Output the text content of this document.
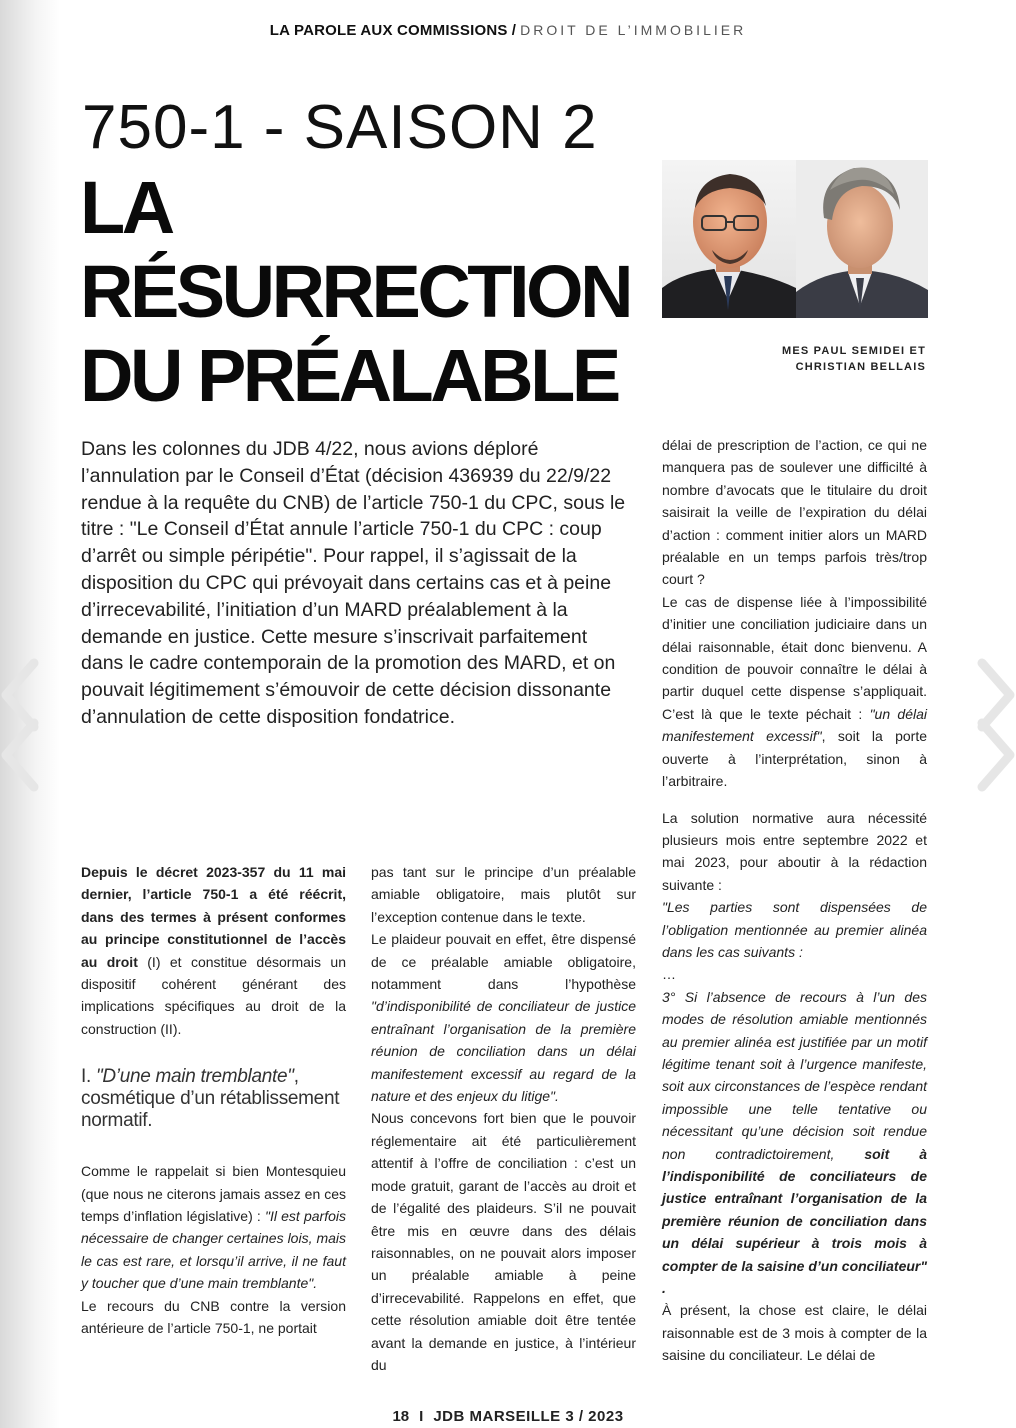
LA PAROLE AUX COMMISSIONS / DROIT DE L’IMMOBILIER
750-1 - SAISON 2
LA RÉSURRECTION DU PRÉALABLE	MES PAUL SEMIDEI ET
CHRISTIAN BELLAIS
Dans les colonnes du JDB 4/22, nous avions déploré l’annulation par le Conseil d’État (décision 436939 du 22/9/22 rendue à la requête du CNB) de l’article 750-1 du CPC, sous le titre : "Le Conseil d’État annule l’article 750-1 du CPC : coup d’arrêt ou simple péripétie". Pour rappel, il s’agissait de la disposition du CPC qui prévoyait dans certains cas et à peine d’irrecevabilité, l’initiation d’un MARD préalablement à la demande en justice. Cette mesure s’inscrivait parfaitement dans le cadre contemporain de la promotion des MARD, et on pouvait légitimement s’émouvoir de cette décision dissonante d’annulation de cette disposition fondatrice.

Depuis le décret 2023-357 du 11 mai dernier, l’article 750-1 a été réécrit, dans des termes à présent conformes au principe constitutionnel de l’accès au droit (I) et constitue désormais un dispositif cohérent générant des implications spécifiques au droit de la construction (II).

I. "D’une main tremblante", cosmétique d’un rétablissement normatif.

Comme le rappelait si bien Montesquieu (que nous ne citerons jamais assez en ces temps d’inflation législative) : "Il est parfois nécessaire de changer certaines lois, mais le cas est rare, et lorsqu’il arrive, il ne faut y toucher que d’une main tremblante".

Le recours du CNB contre la version antérieure de l’article 750-1, ne portait

pas tant sur le principe d’un préalable amiable obligatoire, mais plutôt sur l’exception contenue dans le texte.

Le plaideur pouvait en effet, être dispensé de ce préalable amiable obligatoire, notamment dans l’hypothèse "d’indisponibilité de conciliateur de justice entraînant l’organisation de la première réunion de conciliation dans un délai manifestement excessif au regard de la nature et des enjeux du litige".

Nous concevons fort bien que le pouvoir réglementaire ait été particulièrement attentif à l’offre de conciliation : c’est un mode gratuit, garant de l’accès au droit et de l’égalité des plaideurs. S’il ne pouvait être mis en œuvre dans des délais raisonnables, on ne pouvait alors imposer un préalable amiable à peine d’irrecevabilité. Rappelons en effet, que cette résolution amiable doit être tentée avant la demande en justice, à l’intérieur du

délai de prescription de l’action, ce qui ne manquera pas de soulever une difficilté à nombre d’avocats que le titulaire du droit saisirait la veille de l’expiration du délai d’action : comment initier alors un MARD préalable en un temps parfois très/trop court ?

Le cas de dispense liée à l’impossibilité d’initier une conciliation judiciaire dans un délai raisonnable, était donc bienvenu. A condition de pouvoir connaître le délai à partir duquel cette dispense s’appliquait. C’est là que le texte péchait : "un délai manifestement excessif", soit la porte ouverte à l’interprétation, sinon à l’arbitraire.

La solution normative aura nécessité plusieurs mois entre septembre 2022 et mai 2023, pour aboutir à la rédaction suivante :

"Les parties sont dispensées de l’obligation mentionnée au premier alinéa dans les cas suivants :

…

3° Si l’absence de recours à l’un des modes de résolution amiable mentionnés au premier alinéa est justifiée par un motif légitime tenant soit à l’urgence manifeste, soit aux circonstances de l’espèce rendant impossible une telle tentative ou nécessitant qu’une décision soit rendue non contradictoirement, soit à l’indisponibilité de conciliateurs de justice entraînant l’organisation de la première réunion de conciliation dans un délai supérieur à trois mois à compter de la saisine d’un conciliateur" .

À présent, la chose est claire, le délai raisonnable est de 3 mois à compter de la saisine du conciliateur. Le délai de

18 I JDB MARSEILLE 3 / 2023
